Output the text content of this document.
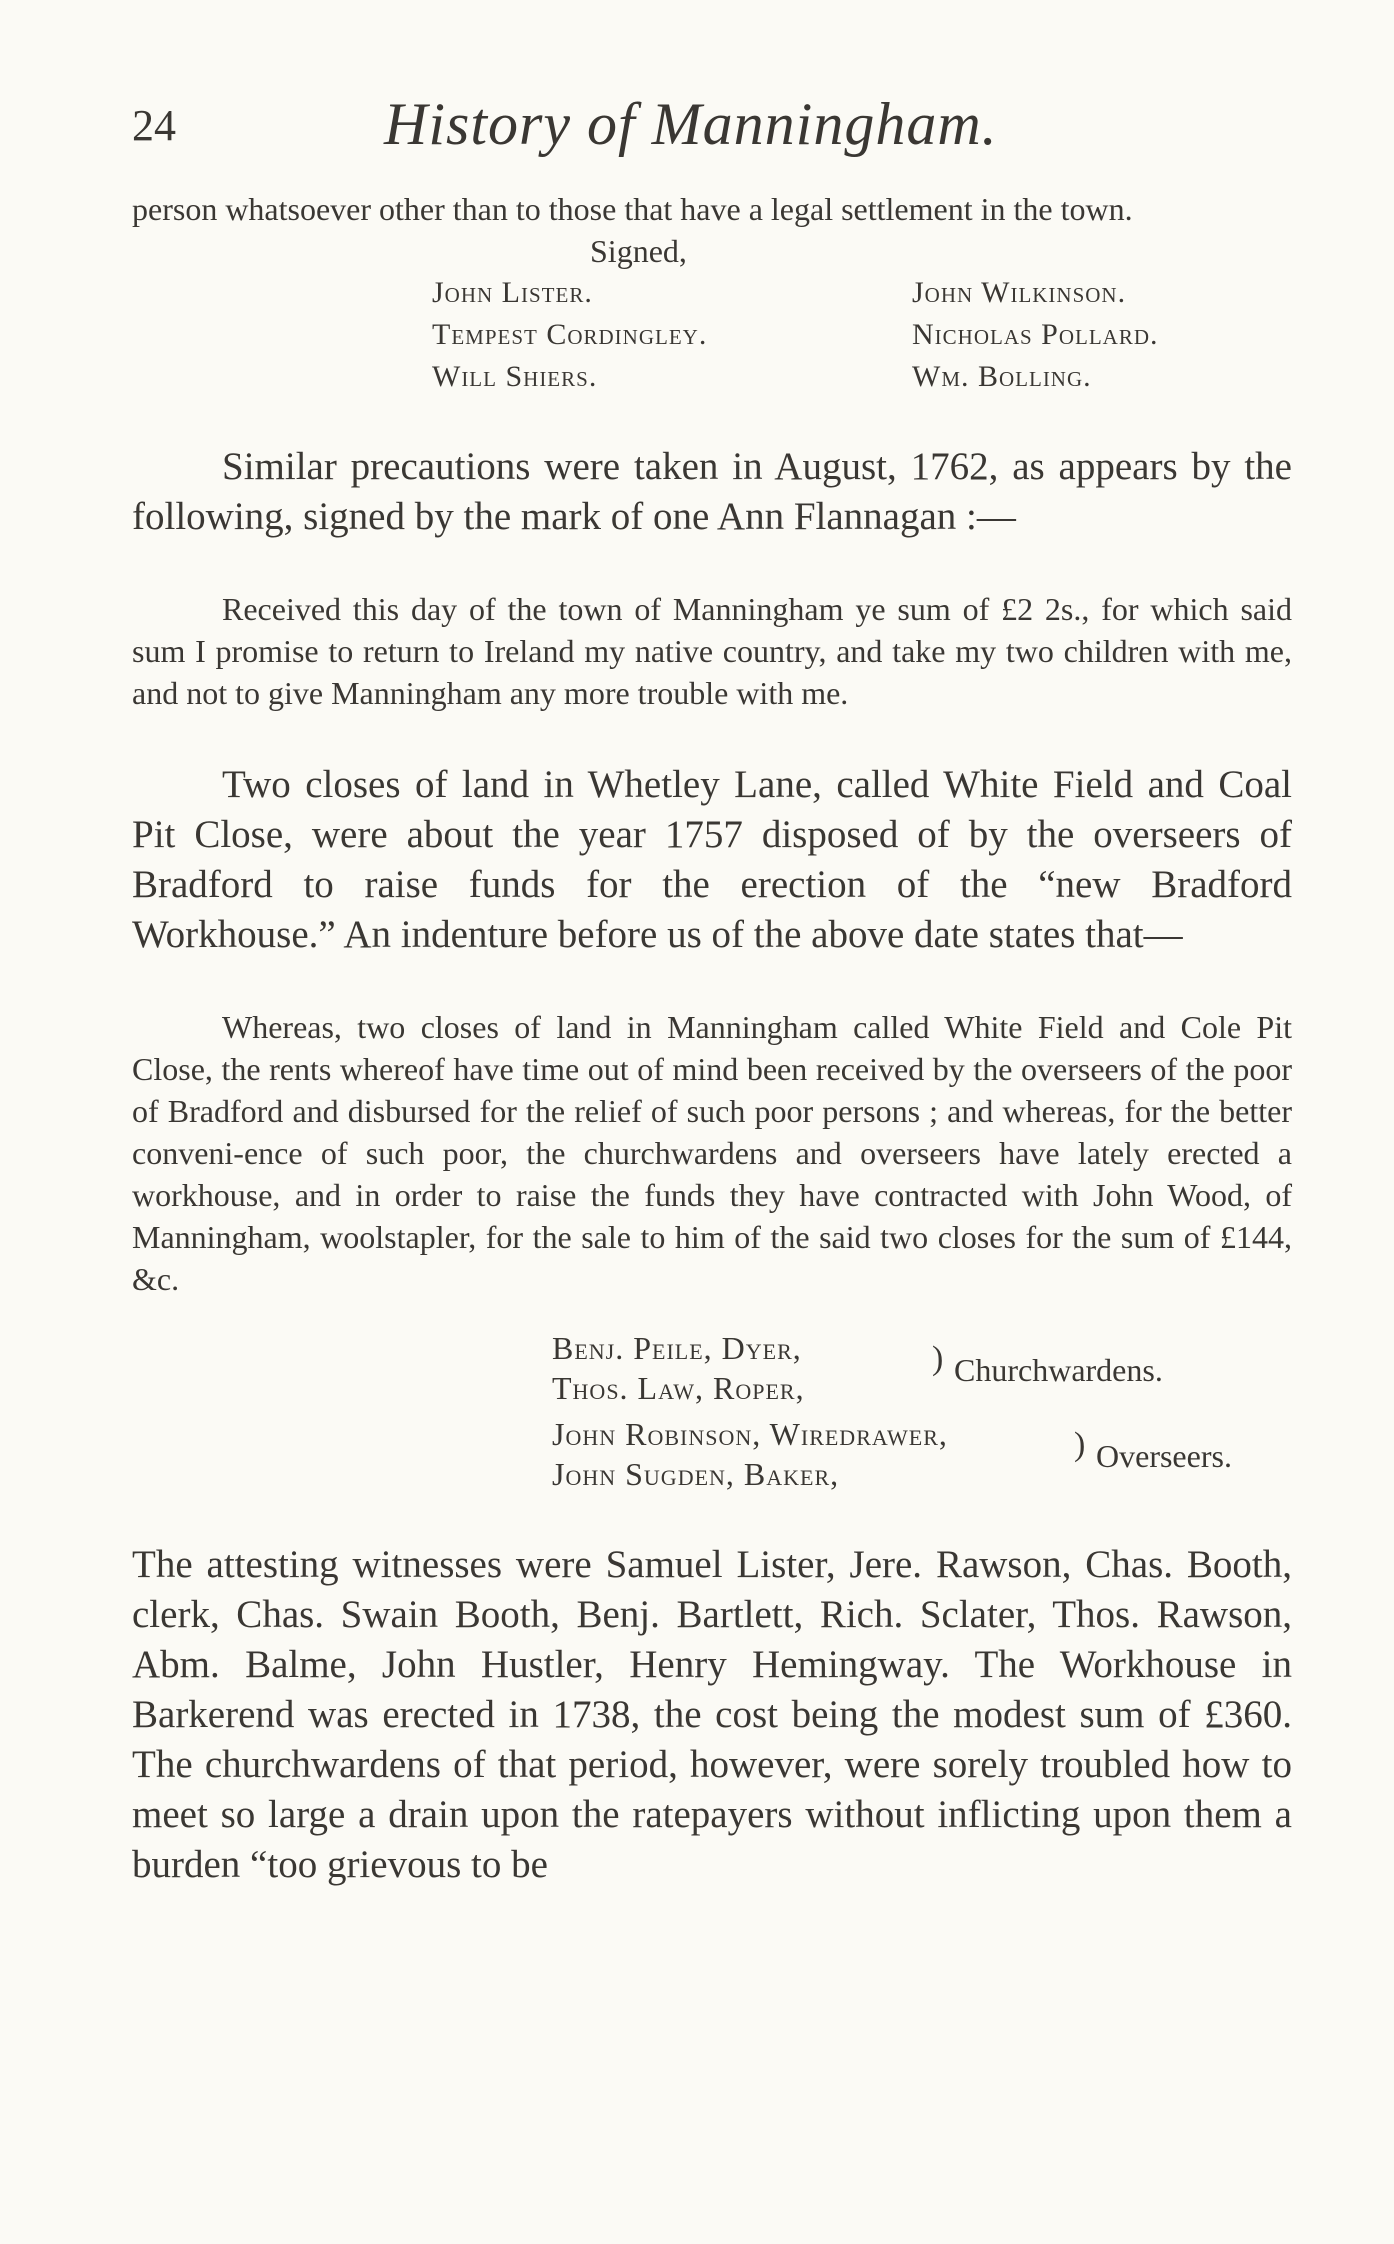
24	History of Manningham.

person whatsoever other than to those that have a legal settlement in the town.

Signed,
John Lister.	John Wilkinson.
Tempest Cordingley.	Nicholas Pollard.
Will Shiers.	Wm. Bolling.

Similar precautions were taken in August, 1762, as appears by the following, signed by the mark of one Ann Flannagan :—

Received this day of the town of Manningham ye sum of £2 2s., for which said sum I promise to return to Ireland my native country, and take my two children with me, and not to give Manningham any more trouble with me.

Two closes of land in Whetley Lane, called White Field and Coal Pit Close, were about the year 1757 disposed of by the overseers of Bradford to raise funds for the erection of the “new Bradford Workhouse.” An indenture before us of the above date states that—

Whereas, two closes of land in Manningham called White Field and Cole Pit Close, the rents whereof have time out of mind been received by the overseers of the poor of Bradford and disbursed for the relief of such poor persons ; and whereas, for the better conveni-ence of such poor, the churchwardens and overseers have lately erected a workhouse, and in order to raise the funds they have contracted with John Wood, of Manningham, woolstapler, for the sale to him of the said two closes for the sum of £144, &c.

Benj. Peile, Dyer,
Thos. Law, Roper,
) Churchwardens.
John Robinson, Wiredrawer,
John Sugden, Baker,
) Overseers.

The attesting witnesses were Samuel Lister, Jere. Rawson, Chas. Booth, clerk, Chas. Swain Booth, Benj. Bartlett, Rich. Sclater, Thos. Rawson, Abm. Balme, John Hustler, Henry Hemingway. The Workhouse in Barkerend was erected in 1738, the cost being the modest sum of £360. The churchwardens of that period, however, were sorely troubled how to meet so large a drain upon the ratepayers without inflicting upon them a burden “too grievous to be
